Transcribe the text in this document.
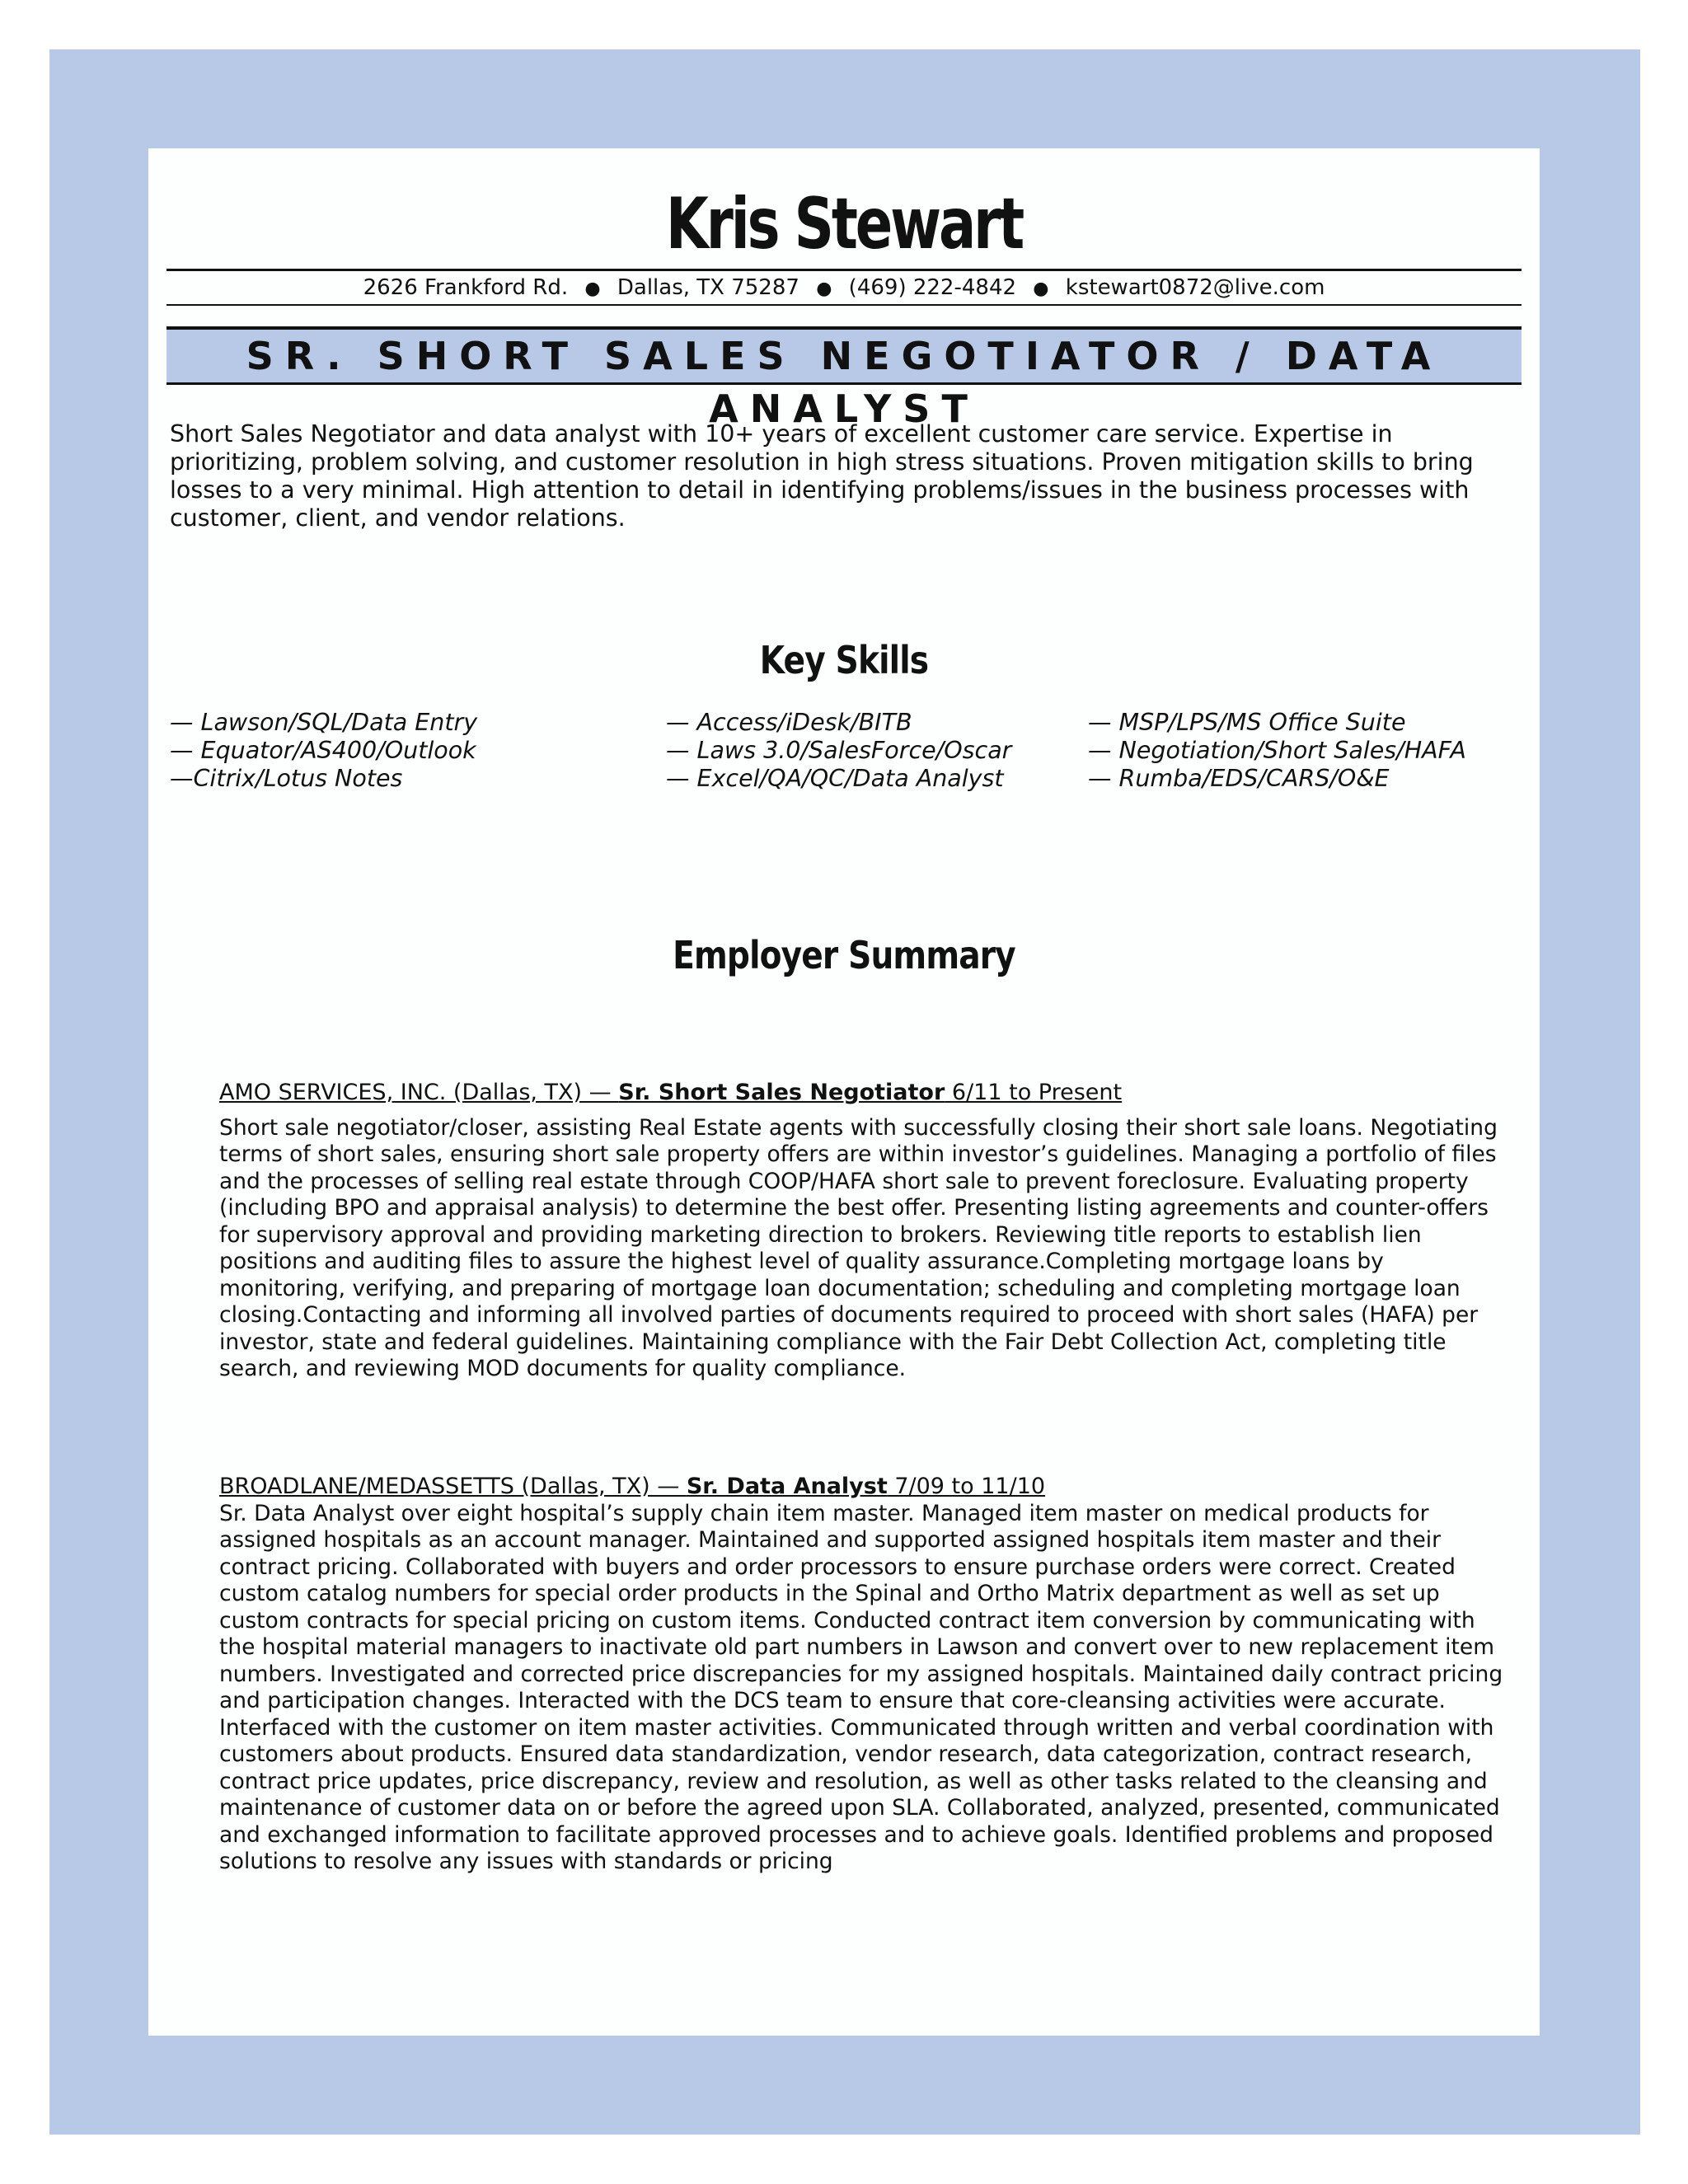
Kris Stewart
2626 Frankford Rd. ● Dallas, TX 75287 ● (469) 222-4842 ● kstewart0872@live.com
SR. SHORT SALES NEGOTIATOR / DATA ANALYST

Short Sales Negotiator and data analyst with 10+ years of excellent customer care service. Expertise in prioritizing, problem solving, and customer resolution in high stress situations. Proven mitigation skills to bring losses to a very minimal. High attention to detail in identifying problems/issues in the business processes with customer, client, and vendor relations.

Key Skills
— Lawson/SQL/Data Entry
— Equator/AS400/Outlook
—Citrix/Lotus Notes
— Access/iDesk/BITB
— Laws 3.0/SalesForce/Oscar
— Excel/QA/QC/Data Analyst
— MSP/LPS/MS Office Suite
— Negotiation/Short Sales/HAFA
— Rumba/EDS/CARS/O&E
Employer Summary
AMO SERVICES, INC. (Dallas, TX) — Sr. Short Sales Negotiator 6/11 to Present

Short sale negotiator/closer, assisting Real Estate agents with successfully closing their short sale loans. Negotiating terms of short sales, ensuring short sale property offers are within investor’s guidelines. Managing a portfolio of files and the processes of selling real estate through COOP/HAFA short sale to prevent foreclosure. Evaluating property (including BPO and appraisal analysis) to determine the best offer. Presenting listing agreements and counter-offers for supervisory approval and providing marketing direction to brokers. Reviewing title reports to establish lien positions and auditing files to assure the highest level of quality assurance.Completing mortgage loans by monitoring, verifying, and preparing of mortgage loan documentation; scheduling and completing mortgage loan closing.Contacting and informing all involved parties of documents required to proceed with short sales (HAFA) per investor, state and federal guidelines. Maintaining compliance with the Fair Debt Collection Act, completing title search, and reviewing MOD documents for quality compliance.

BROADLANE/MEDASSETTS (Dallas, TX) — Sr. Data Analyst 7/09 to 11/10

Sr. Data Analyst over eight hospital’s supply chain item master. Managed item master on medical products for assigned hospitals as an account manager. Maintained and supported assigned hospitals item master and their contract pricing. Collaborated with buyers and order processors to ensure purchase orders were correct. Created custom catalog numbers for special order products in the Spinal and Ortho Matrix department as well as set up custom contracts for special pricing on custom items. Conducted contract item conversion by communicating with the hospital material managers to inactivate old part numbers in Lawson and convert over to new replacement item numbers. Investigated and corrected price discrepancies for my assigned hospitals. Maintained daily contract pricing and participation changes. Interacted with the DCS team to ensure that core-cleansing activities were accurate. Interfaced with the customer on item master activities. Communicated through written and verbal coordination with customers about products. Ensured data standardization, vendor research, data categorization, contract research, contract price updates, price discrepancy, review and resolution, as well as other tasks related to the cleansing and maintenance of customer data on or before the agreed upon SLA. Collaborated, analyzed, presented, communicated and exchanged information to facilitate approved processes and to achieve goals. Identified problems and proposed solutions to resolve any issues with standards or pricing
